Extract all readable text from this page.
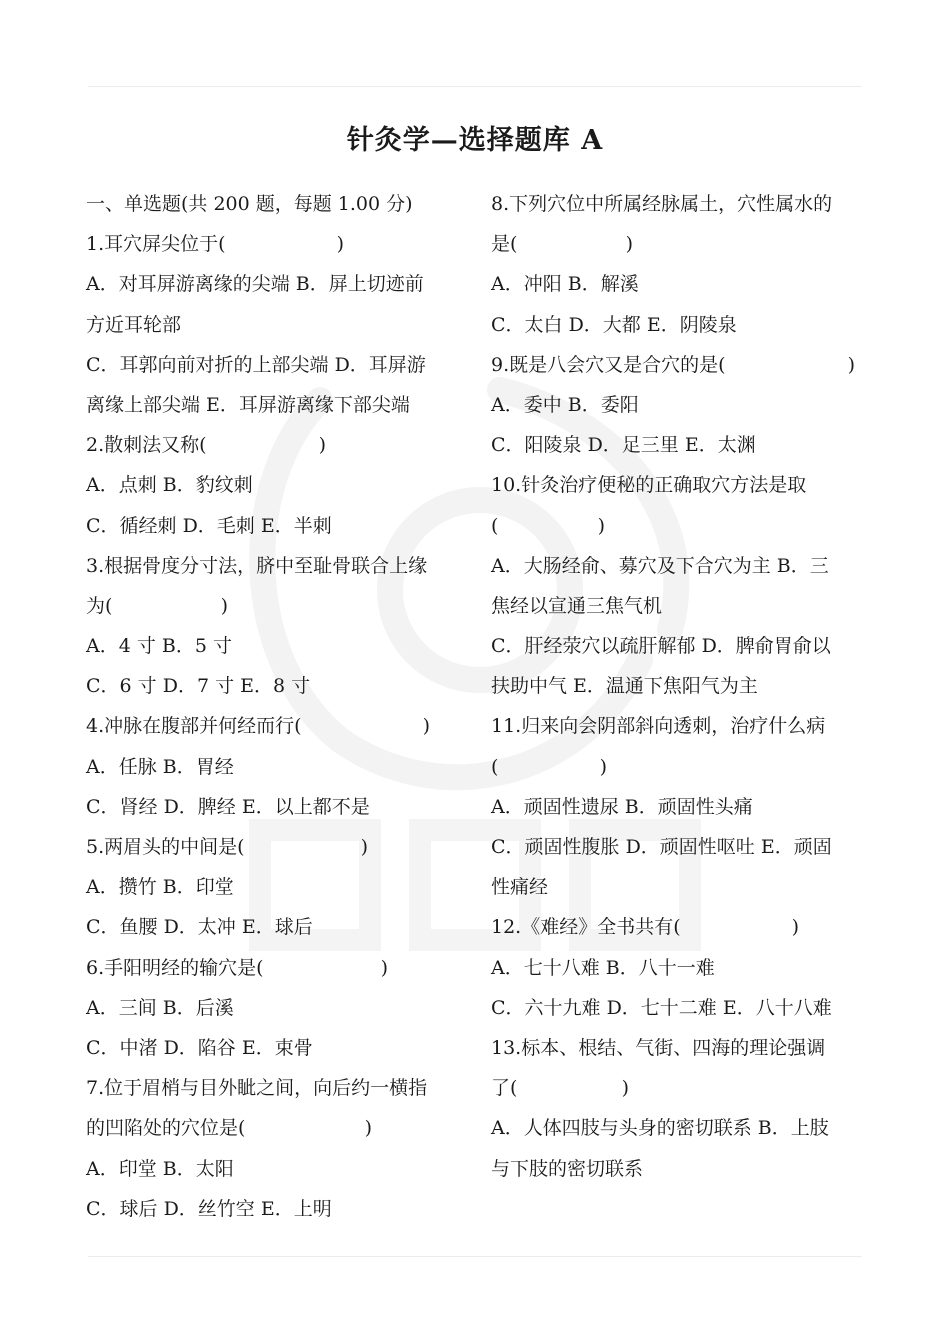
针灸学—选择题库 A
一、单选题(共 200 题，每题 1.00 分)
1.耳穴屏尖位于(	)
A．对耳屏游离缘的尖端 B．屏上切迹前
方近耳轮部
C．耳郭向前对折的上部尖端 D．耳屏游
离缘上部尖端 E．耳屏游离缘下部尖端
2.散刺法又称(	)
A．点刺 B．豹纹刺
C．循经刺 D．毛刺 E．半刺
3.根据骨度分寸法，脐中至耻骨联合上缘
为(	)
A．4 寸 B．5 寸
C．6 寸 D．7 寸 E．8 寸
4.冲脉在腹部并何经而行(	)
A．任脉 B．胃经
C．肾经 D．脾经 E．以上都不是
5.两眉头的中间是(	)
A．攒竹 B．印堂
C．鱼腰 D．太冲 E．球后
6.手阳明经的输穴是(	)
A．三间 B．后溪
C．中渚 D．陷谷 E．束骨
7.位于眉梢与目外眦之间，向后约一横指
的凹陷处的穴位是(	)
A．印堂 B．太阳
C．球后 D．丝竹空 E．上明
8.下列穴位中所属经脉属土，穴性属水的
是(	)
A．冲阳 B．解溪
C．太白 D．大都 E．阴陵泉
9.既是八会穴又是合穴的是(	)
A．委中 B．委阳
C．阳陵泉 D．足三里 E．太渊
10.针灸治疗便秘的正确取穴方法是取
(	)
A．大肠经俞、募穴及下合穴为主 B．三
焦经以宣通三焦气机
C．肝经荥穴以疏肝解郁 D．脾俞胃俞以
扶助中气 E．温通下焦阳气为主
11.归来向会阴部斜向透刺，治疗什么病
(	)
A．顽固性遗尿 B．顽固性头痛
C．顽固性腹胀 D．顽固性呕吐 E．顽固
性痛经
12.《难经》全书共有(	)
A．七十八难 B．八十一难
C．六十九难 D．七十二难 E．八十八难
13.标本、根结、气街、四海的理论强调
了(	)
A．人体四肢与头身的密切联系 B．上肢
与下肢的密切联系
